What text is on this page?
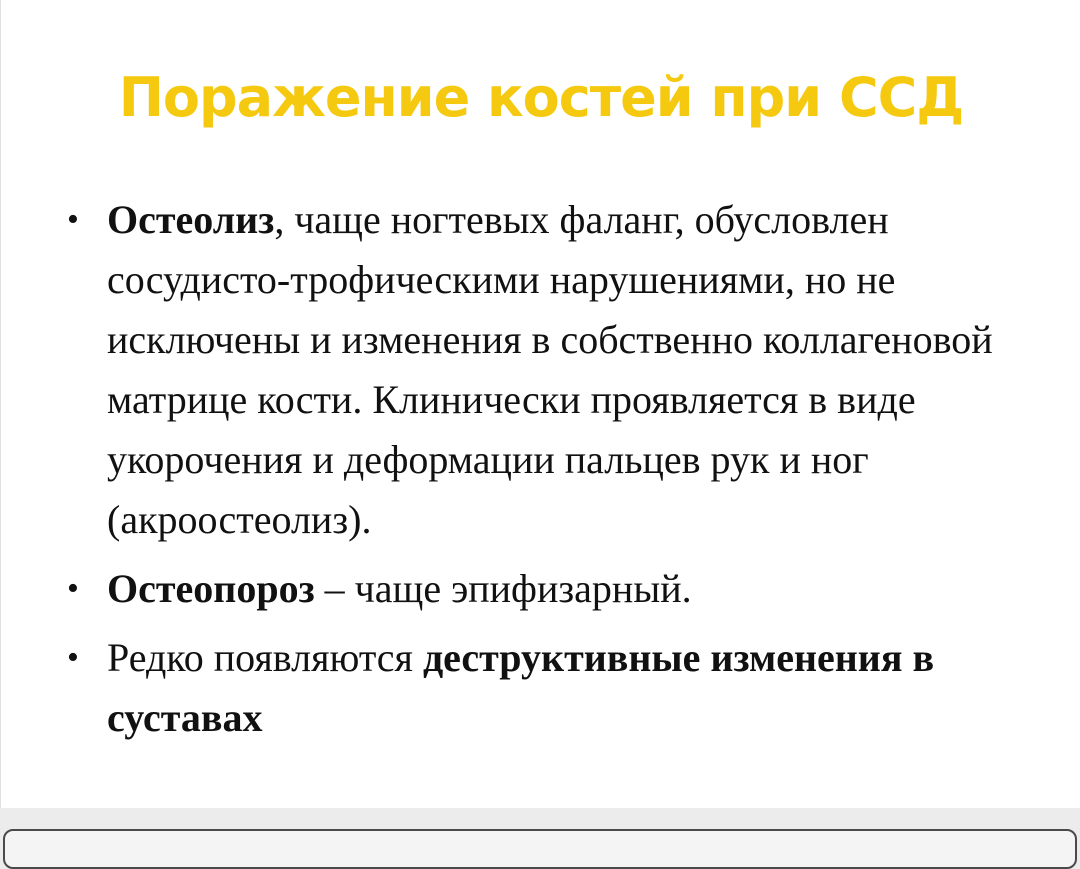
Поражение костей при ССД
• Остеолиз, чаще ногтевых фаланг, обусловлен сосудисто-трофическими нарушениями, но не исключены и изменения в собственно коллагеновой матрице кости. Клинически проявляется в виде укорочения и деформации пальцев рук и ног (акроостеолиз).
• Остеопороз – чаще эпифизарный.
• Редко появляются деструктивные изменения в суставах
